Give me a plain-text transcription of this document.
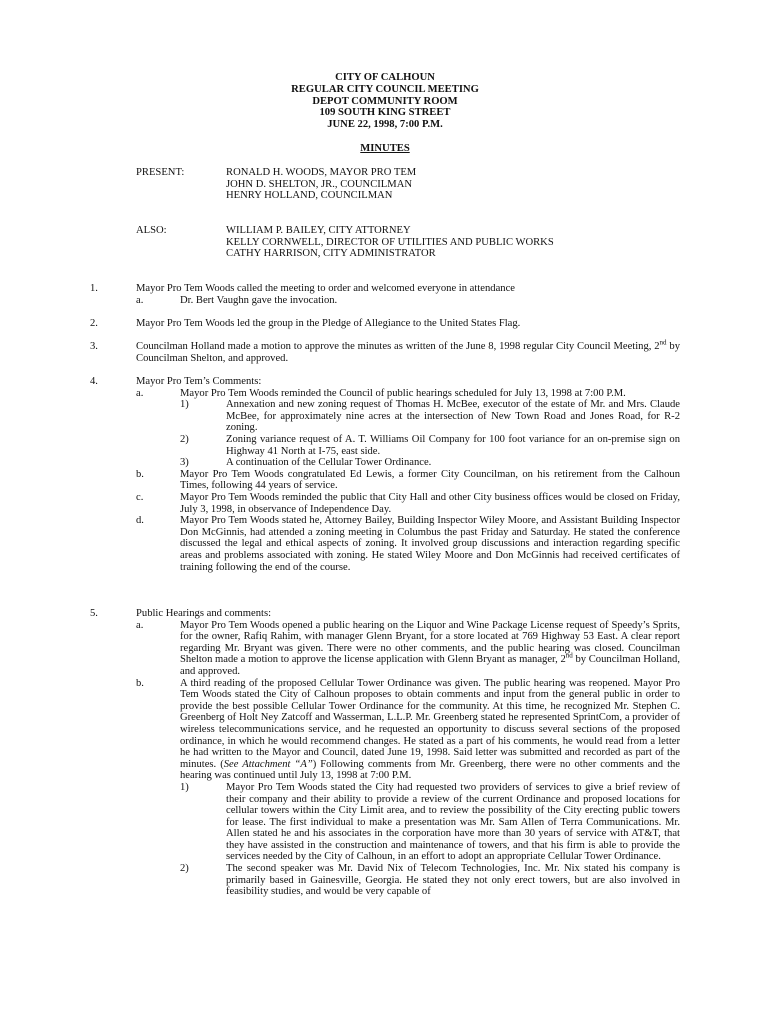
CITY OF CALHOUN
REGULAR CITY COUNCIL MEETING
DEPOT COMMUNITY ROOM
109 SOUTH KING STREET
JUNE 22, 1998, 7:00 P.M.
MINUTES
PRESENT:	RONALD H. WOODS, MAYOR PRO TEM
JOHN D. SHELTON, JR., COUNCILMAN
HENRY HOLLAND, COUNCILMAN
ALSO:	WILLIAM P. BAILEY, CITY ATTORNEY
KELLY CORNWELL, DIRECTOR OF UTILITIES AND PUBLIC WORKS
CATHY HARRISON, CITY ADMINISTRATOR
1.	Mayor Pro Tem Woods called the meeting to order and welcomed everyone in attendance

a.	Dr. Bert Vaughn gave the invocation.

2.	Mayor Pro Tem Woods led the group in the Pledge of Allegiance to the United States Flag.

3.	Councilman Holland made a motion to approve the minutes as written of the June 8, 1998 regular City Council Meeting, 2nd by Councilman Shelton, and approved.

4.	Mayor Pro Tem’s Comments:

a.	Mayor Pro Tem Woods reminded the Council of public hearings scheduled for July 13, 1998 at 7:00 P.M.

1)	Annexation and new zoning request of Thomas H. McBee, executor of the estate of Mr. and Mrs. Claude McBee, for approximately nine acres at the intersection of New Town Road and Jones Road, for R-2 zoning.

2)	Zoning variance request of A. T. Williams Oil Company for 100 foot variance for an on-premise sign on Highway 41 North at I-75, east side.

3)	A continuation of the Cellular Tower Ordinance.

b.	Mayor Pro Tem Woods congratulated Ed Lewis, a former City Councilman, on his retirement from the Calhoun Times, following 44 years of service.

c.	Mayor Pro Tem Woods reminded the public that City Hall and other City business offices would be closed on Friday, July 3, 1998, in observance of Independence Day.

d.	Mayor Pro Tem Woods stated he, Attorney Bailey, Building Inspector Wiley Moore, and Assistant Building Inspector Don McGinnis, had attended a zoning meeting in Columbus the past Friday and Saturday. He stated the conference discussed the legal and ethical aspects of zoning. It involved group discussions and interaction regarding specific areas and problems associated with zoning. He stated Wiley Moore and Don McGinnis had received certificates of training following the end of the course.

5.	Public Hearings and comments:

a.	Mayor Pro Tem Woods opened a public hearing on the Liquor and Wine Package License request of Speedy’s Sprits, for the owner, Rafiq Rahim, with manager Glenn Bryant, for a store located at 769 Highway 53 East. A clear report regarding Mr. Bryant was given. There were no other comments, and the public hearing was closed. Councilman Shelton made a motion to approve the license application with Glenn Bryant as manager, 2nd by Councilman Holland, and approved.

b.	A third reading of the proposed Cellular Tower Ordinance was given. The public hearing was reopened. Mayor Pro Tem Woods stated the City of Calhoun proposes to obtain comments and input from the general public in order to provide the best possible Cellular Tower Ordinance for the community. At this time, he recognized Mr. Stephen C. Greenberg of Holt Ney Zatcoff and Wasserman, L.L.P. Mr. Greenberg stated he represented SprintCom, a provider of wireless telecommunications service, and he requested an opportunity to discuss several sections of the proposed ordinance, in which he would recommend changes. He stated as a part of his comments, he would read from a letter he had written to the Mayor and Council, dated June 19, 1998. Said letter was submitted and recorded as part of the minutes. (See Attachment “A”) Following comments from Mr. Greenberg, there were no other comments and the hearing was continued until July 13, 1998 at 7:00 P.M.

1)	Mayor Pro Tem Woods stated the City had requested two providers of services to give a brief review of their company and their ability to provide a review of the current Ordinance and proposed locations for cellular towers within the City Limit area, and to review the possibility of the City erecting public towers for lease. The first individual to make a presentation was Mr. Sam Allen of Terra Communications. Mr. Allen stated he and his associates in the corporation have more than 30 years of service with AT&T, that they have assisted in the construction and maintenance of towers, and that his firm is able to provide the services needed by the City of Calhoun, in an effort to adopt an appropriate Cellular Tower Ordinance.

2)	The second speaker was Mr. David Nix of Telecom Technologies, Inc. Mr. Nix stated his company is primarily based in Gainesville, Georgia. He stated they not only erect towers, but are also involved in feasibility studies, and would be very capable of
